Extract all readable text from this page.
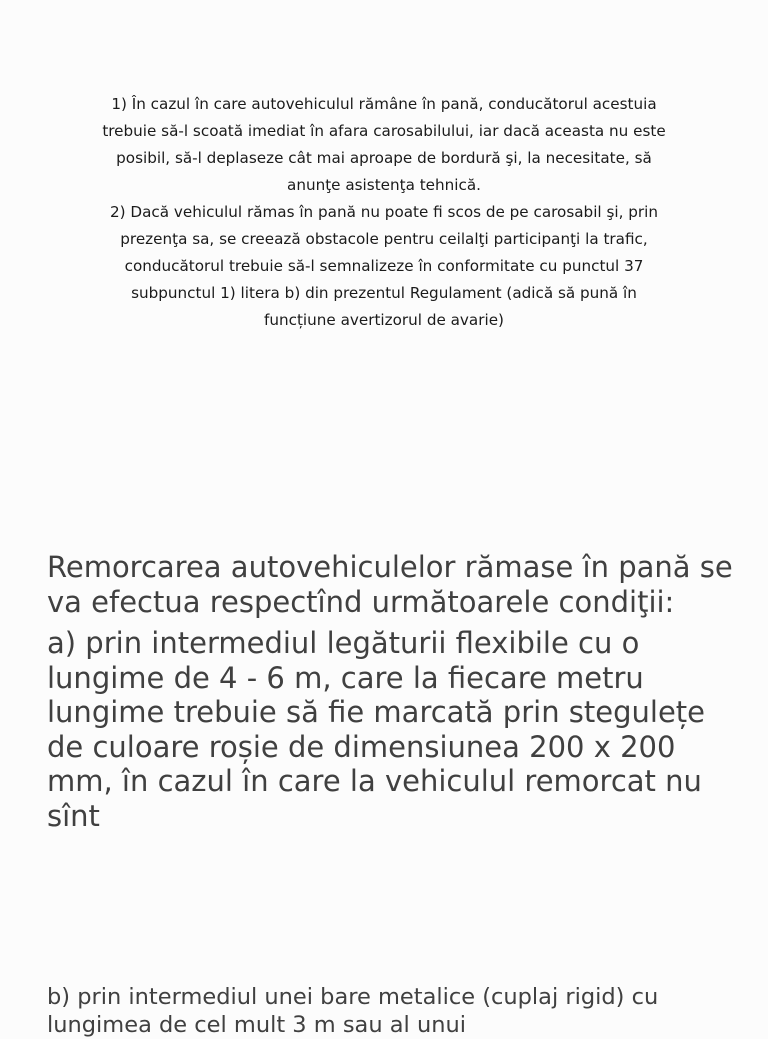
1) În cazul în care autovehiculul rămâne în pană, conducătorul acestuia trebuie să-l scoată imediat în afara carosabilului, iar dacă aceasta nu este posibil, să-l deplaseze cât mai aproape de bordură şi, la necesitate, să anunţe asistenţa tehnică.

2) Dacă vehiculul rămas în pană nu poate fi scos de pe carosabil şi, prin prezenţa sa, se creează obstacole pentru ceilalţi participanţi la trafic, conducătorul trebuie să-l semnalizeze în conformitate cu punctul 37 subpunctul 1) litera b) din prezentul Regulament (adică să pună în funcțiune avertizorul de avarie)

Remorcarea autovehiculelor rămase în pană se va efectua respectînd următoarele condiţii:

a) prin intermediul legăturii flexibile cu o lungime de 4 - 6 m, care la fiecare metru lungime trebuie să fie marcată prin stegulețe de culoare roșie de dimensiunea 200 x 200 mm, în cazul în care la vehiculul remorcat nu sînt

b) prin intermediul unei bare metalice (cuplaj rigid) cu lungimea de cel mult 3 m sau al unui
